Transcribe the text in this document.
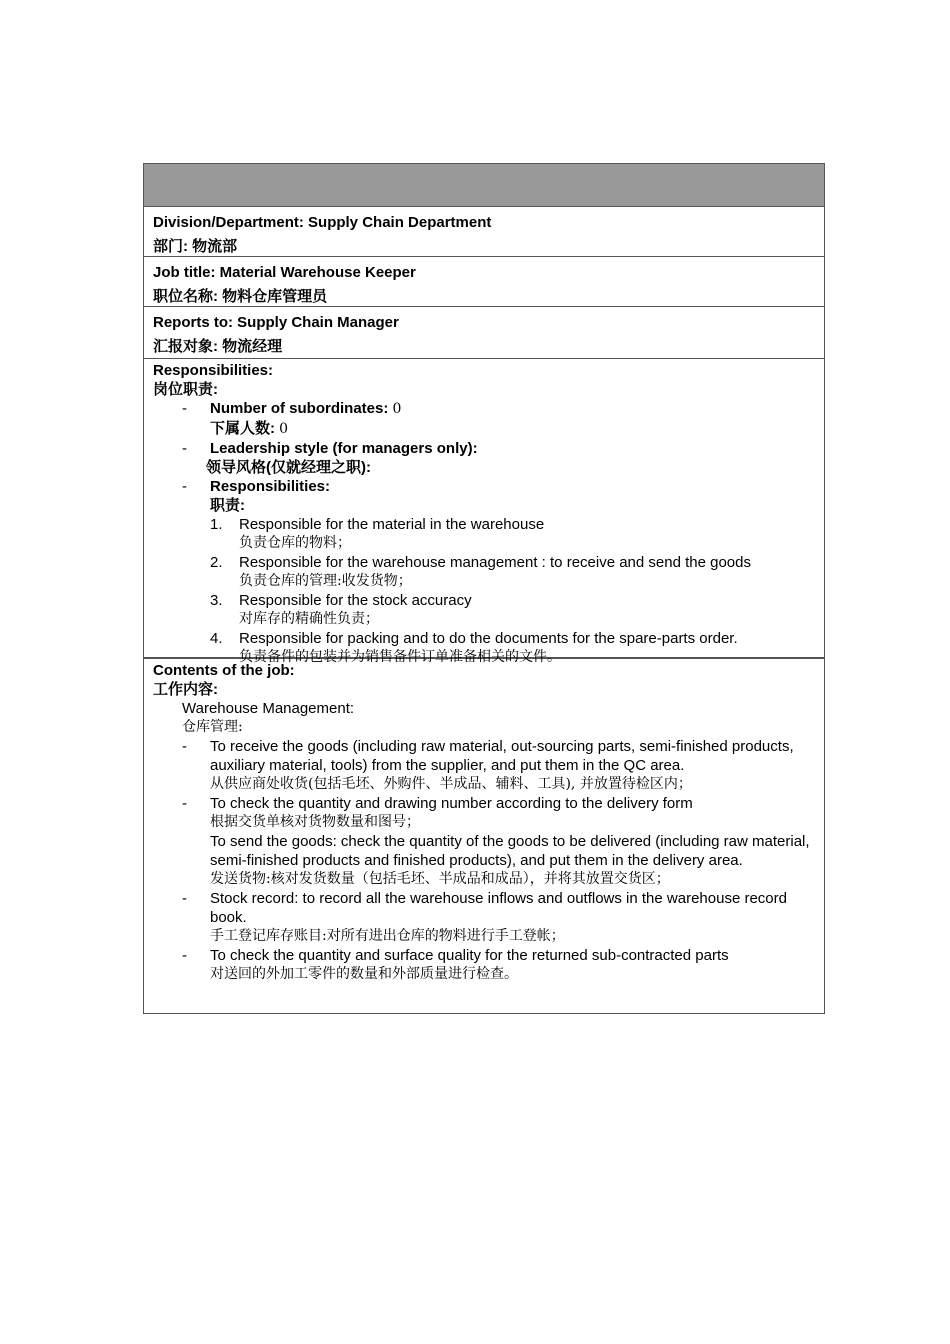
Division/Department: Supply Chain Department
部门: 物流部
Job title: Material Warehouse Keeper
职位名称: 物料仓库管理员
Reports to: Supply Chain Manager
汇报对象: 物流经理
Responsibilities:
岗位职责:
- Number of subordinates: 0
下属人数: 0
- Leadership style (for managers only):
领导风格(仅就经理之职):
- Responsibilities:
职责:
1. Responsible for the material in the warehouse
负责仓库的物料；
2. Responsible for the warehouse management : to receive and send the goods
负责仓库的管理:收发货物；
3. Responsible for the stock accuracy
对库存的精确性负责；
4. Responsible for packing and to do the documents for the spare-parts order.
负责备件的包装并为销售备件订单准备相关的文件。
Contents of the job:
工作内容:
Warehouse Management:
仓库管理:
- To receive the goods (including raw material, out-sourcing parts, semi-finished products, auxiliary material, tools) from the supplier, and put them in the QC area.
从供应商处收货(包括毛坯、外购件、半成品、辅料、工具), 并放置待检区内；
- To check the quantity and drawing number according to the delivery form
根据交货单核对货物数量和图号；
To send the goods: check the quantity of the goods to be delivered (including raw material, semi-finished products and finished products), and put them in the delivery area.
发送货物:核对发货数量（包括毛坯、半成品和成品），并将其放置交货区；
- Stock record: to record all the warehouse inflows and outflows in the warehouse record book.
手工登记库存账目:对所有进出仓库的物料进行手工登帐；
- To check the quantity and surface quality for the returned sub-contracted parts
对送回的外加工零件的数量和外部质量进行检查。
